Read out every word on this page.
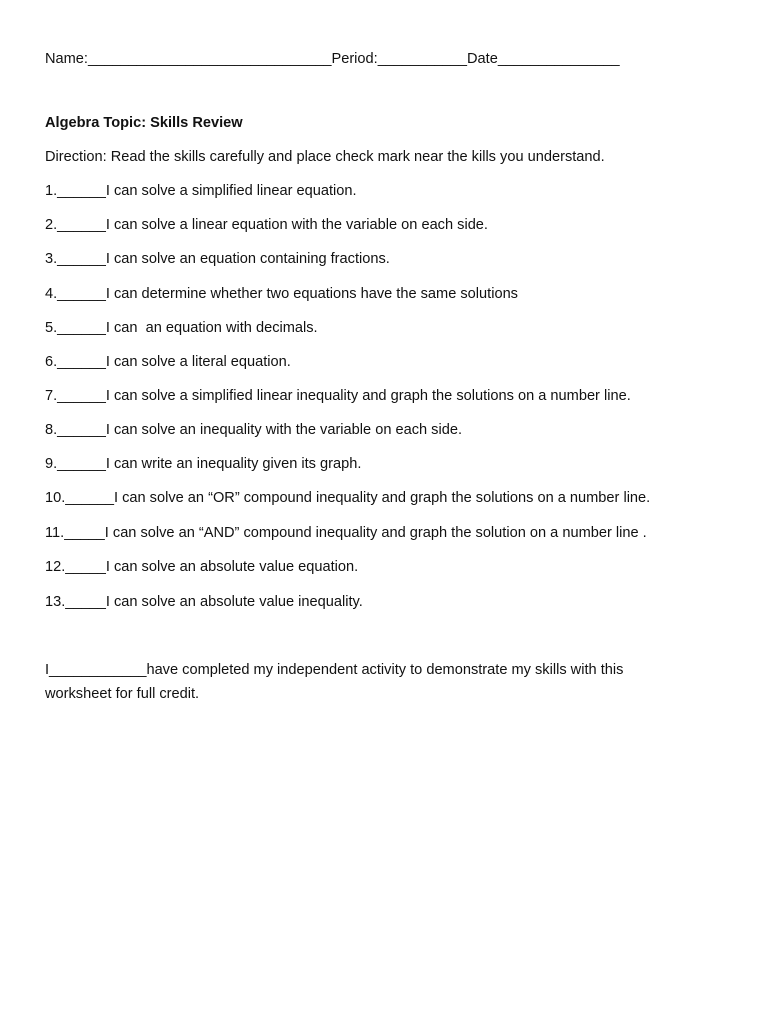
Name:______________________________Period:___________Date_______________
Algebra Topic: Skills Review
Direction: Read the skills carefully and place check mark near the kills you understand.
1.______I can solve a simplified linear equation.
2.______I can solve a linear equation with the variable on each side.
3.______I can solve an equation containing fractions.
4.______I can determine whether two equations have the same solutions
5.______I can  an equation with decimals.
6.______I can solve a literal equation.
7.______I can solve a simplified linear inequality and graph the solutions on a number line.
8.______I can solve an inequality with the variable on each side.
9.______I can write an inequality given its graph.
10.______I can solve an “OR” compound inequality and graph the solutions on a number line.
11._____I can solve an “AND” compound inequality and graph the solution on a number line .
12._____I can solve an absolute value equation.
13._____I can solve an absolute value inequality.
I____________have completed my independent activity to demonstrate my skills with this
worksheet for full credit.
